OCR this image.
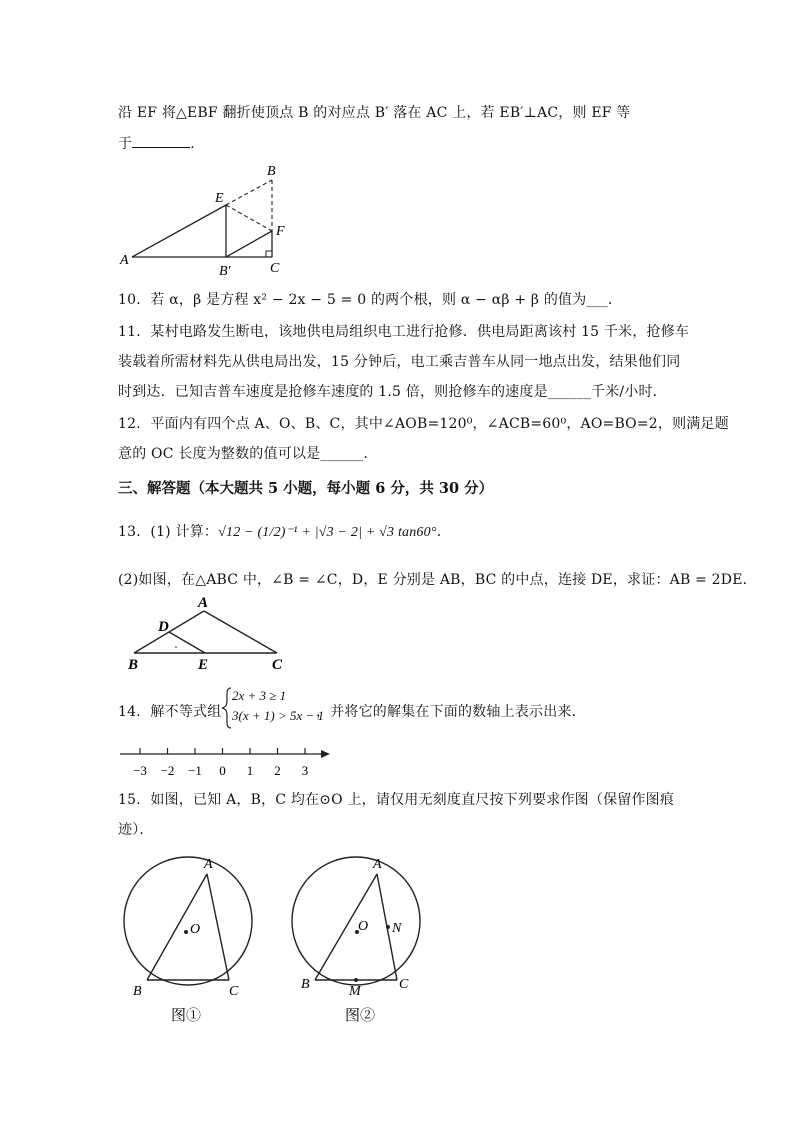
沿 EF 将△EBF 翻折使顶点 B 的对应点 B′ 落在 AC 上，若 EB′⊥AC，则 EF 等
于	．
A
B
C
E
F
B′
10．若 α，β 是方程 x² − 2x − 5 = 0 的两个根，则 α − αβ + β 的值为___．
11．某村电路发生断电，该地供电局组织电工进行抢修．供电局距离该村 15 千米，抢修车
装载着所需材料先从供电局出发，15 分钟后，电工乘吉普车从同一地点出发，结果他们同
时到达．已知吉普车速度是抢修车速度的 1.5 倍，则抢修车的速度是______千米/小时．
12．平面内有四个点 A、O、B、C，其中∠AOB=120⁰，∠ACB=60⁰，AO=BO=2，则满足题
意的 OC 长度为整数的值可以是______．
三、解答题（本大题共 5 小题，每小题 6 分，共 30 分）
13．(1) 计算：√12 − (1/2)⁻¹ + |√3 − 2| + √3 tan60°．
(2)如图，在△ABC 中，∠B = ∠C，D，E 分别是 AB，BC 的中点，连接 DE，求证：AB = 2DE．
A
B	C
D
E
14．解不等式组
2x + 3 ≥ 1
3(x + 1) > 5x − 1
，并将它的解集在下面的数轴上表示出来．
−3 −2 −1 0 1 2 3
15．如图，已知 A，B，C 均在⊙O 上，请仅用无刻度直尺按下列要求作图（保留作图痕
迹）．
A
B	C
O
图①
A
B	C
O N
M
图②
